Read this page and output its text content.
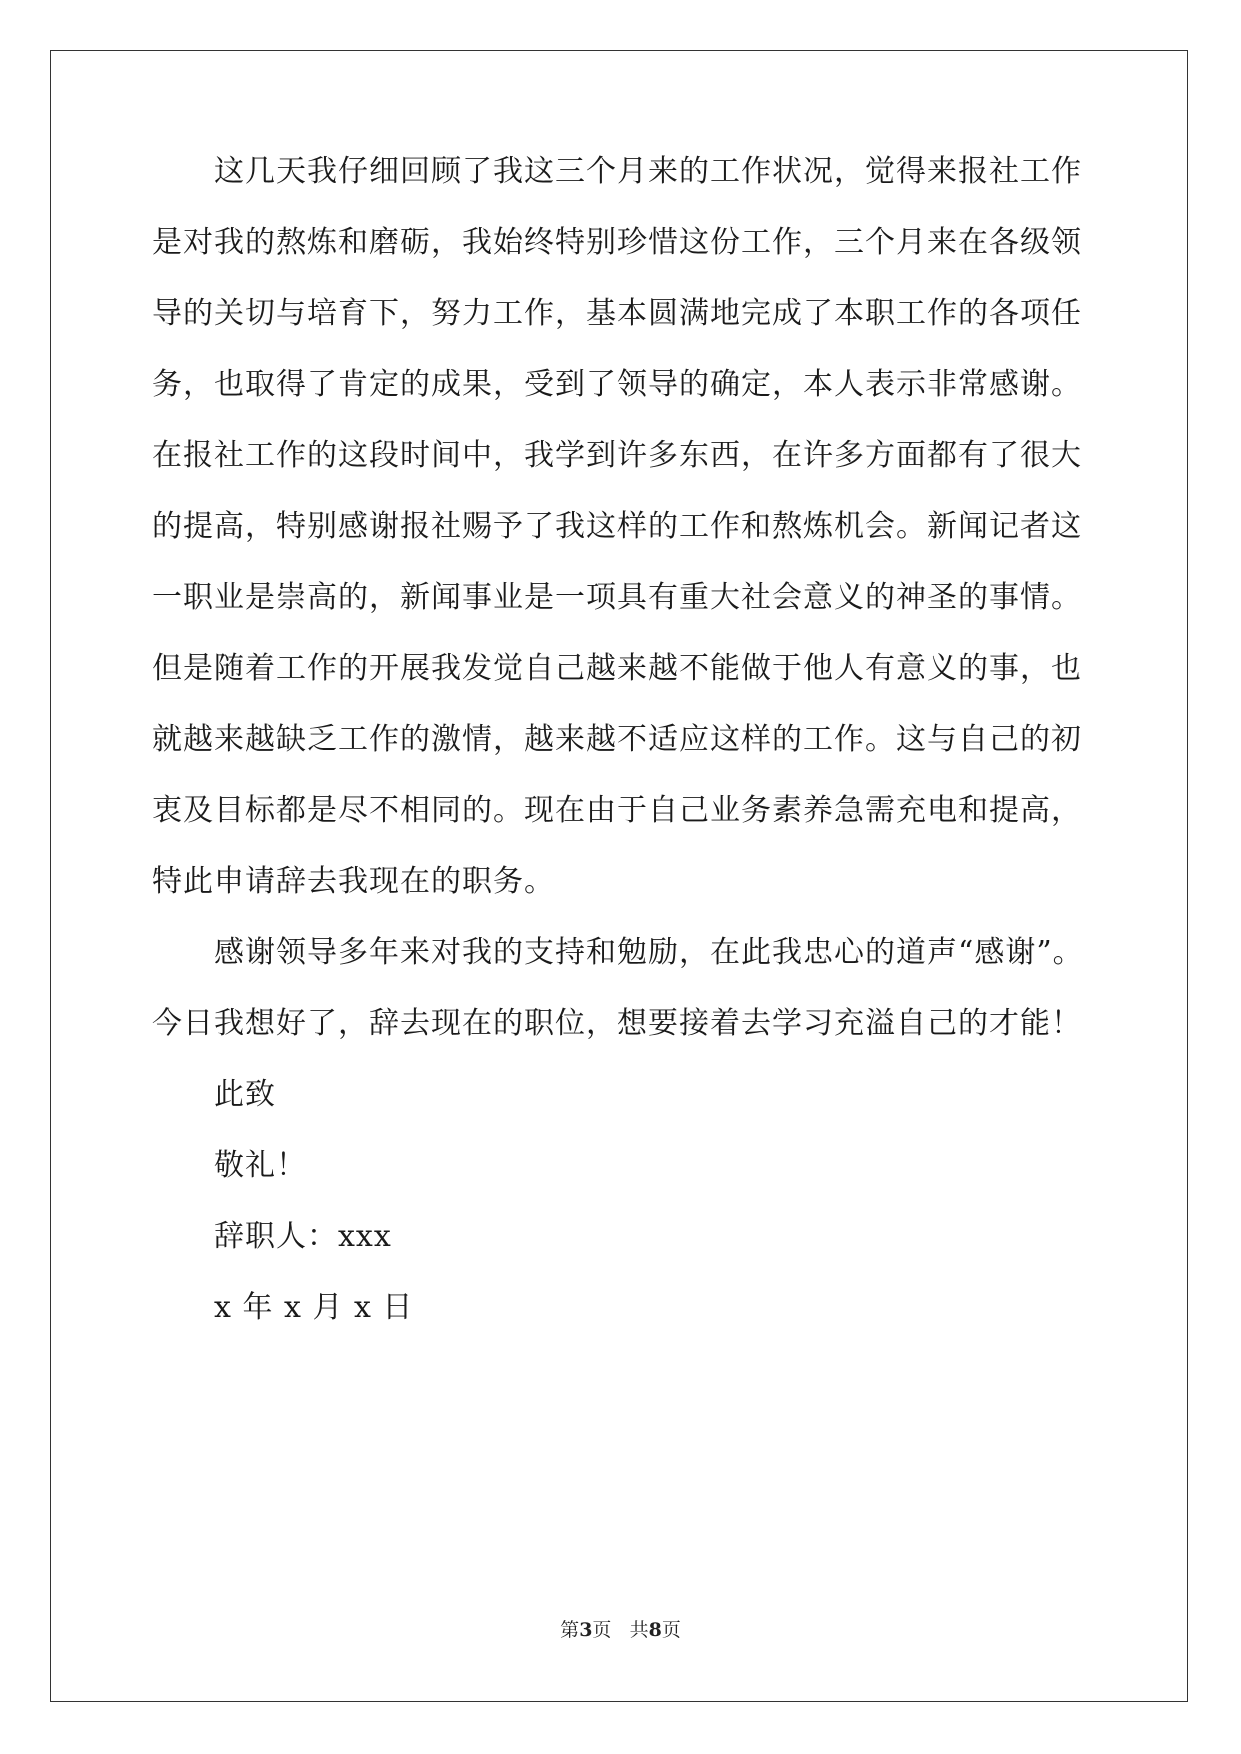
这几天我仔细回顾了我这三个月来的工作状况，觉得来报社工作
是对我的熬炼和磨砺，我始终特别珍惜这份工作，三个月来在各级领
导的关切与培育下，努力工作，基本圆满地完成了本职工作的各项任
务，也取得了肯定的成果，受到了领导的确定，本人表示非常感谢。
在报社工作的这段时间中，我学到许多东西，在许多方面都有了很大
的提高，特别感谢报社赐予了我这样的工作和熬炼机会。新闻记者这
一职业是崇高的，新闻事业是一项具有重大社会意义的神圣的事情。
但是随着工作的开展我发觉自己越来越不能做于他人有意义的事，也
就越来越缺乏工作的激情，越来越不适应这样的工作。这与自己的初
衷及目标都是尽不相同的。现在由于自己业务素养急需充电和提高，
特此申请辞去我现在的职务。
感谢领导多年来对我的支持和勉励，在此我忠心的道声“感谢”。
今日我想好了，辞去现在的职位，想要接着去学习充溢自己的才能！
此致
敬礼！
辞职人：xxx
x 年 x 月 x 日
第3页 共8页
